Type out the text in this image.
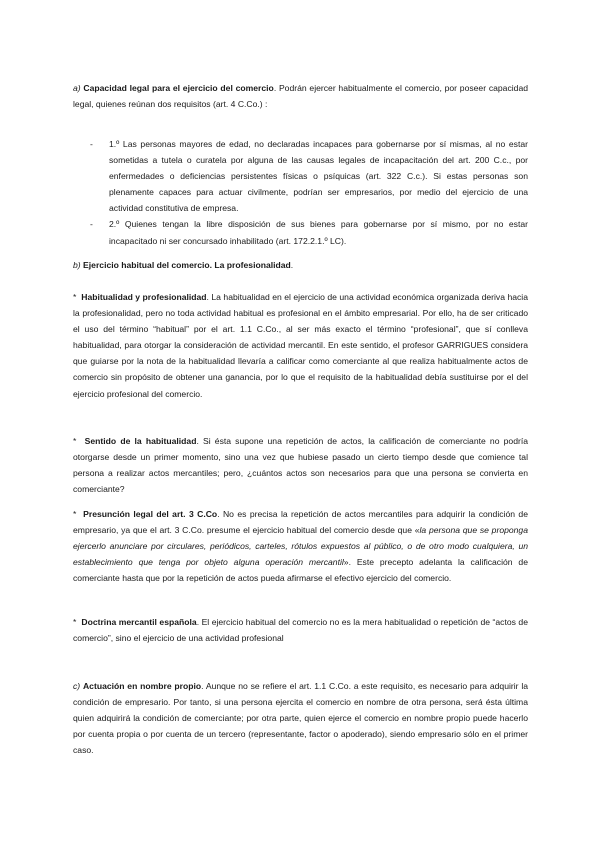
a) Capacidad legal para el ejercicio del comercio. Podrán ejercer habitualmente el comercio, por poseer capacidad legal, quienes reúnan dos requisitos (art. 4 C.Co.) :

- 1.º Las personas mayores de edad, no declaradas incapaces para gobernarse por sí mismas, al no estar sometidas a tutela o curatela por alguna de las causas legales de incapacitación del art. 200 C.c., por enfermedades o deficiencias persistentes físicas o psíquicas (art. 322 C.c.). Si estas personas son plenamente capaces para actuar civilmente, podrían ser empresarios, por medio del ejercicio de una actividad constitutiva de empresa.
- 2.º Quienes tengan la libre disposición de sus bienes para gobernarse por sí mismo, por no estar incapacitado ni ser concursado inhabilitado (art. 172.2.1.º LC).

b) Ejercicio habitual del comercio. La profesionalidad.

* Habitualidad y profesionalidad. La habitualidad en el ejercicio de una actividad económica organizada deriva hacia la profesionalidad, pero no toda actividad habitual es profesional en el ámbito empresarial. Por ello, ha de ser criticado el uso del término “habitual” por el art. 1.1 C.Co., al ser más exacto el término “profesional”, que sí conlleva habitualidad, para otorgar la consideración de actividad mercantil. En este sentido, el profesor GARRIGUES considera que guiarse por la nota de la habitualidad llevaría a calificar como comerciante al que realiza habitualmente actos de comercio sin propósito de obtener una ganancia, por lo que el requisito de la habitualidad debía sustituirse por el del ejercicio profesional del comercio.

* Sentido de la habitualidad. Si ésta supone una repetición de actos, la calificación de comerciante no podría otorgarse desde un primer momento, sino una vez que hubiese pasado un cierto tiempo desde que comience tal persona a realizar actos mercantiles; pero, ¿cuántos actos son necesarios para que una persona se convierta en comerciante?

* Presunción legal del art. 3 C.Co. No es precisa la repetición de actos mercantiles para adquirir la condición de empresario, ya que el art. 3 C.Co. presume el ejercicio habitual del comercio desde que «la persona que se proponga ejercerlo anunciare por circulares, periódicos, carteles, rótulos expuestos al público, o de otro modo cualquiera, un establecimiento que tenga por objeto alguna operación mercantil». Este precepto adelanta la calificación de comerciante hasta que por la repetición de actos pueda afirmarse el efectivo ejercicio del comercio.

* Doctrina mercantil española. El ejercicio habitual del comercio no es la mera habitualidad o repetición de “actos de comercio”, sino el ejercicio de una actividad profesional

c) Actuación en nombre propio. Aunque no se refiere el art. 1.1 C.Co. a este requisito, es necesario para adquirir la condición de empresario. Por tanto, si una persona ejercita el comercio en nombre de otra persona, será ésta última quien adquirirá la condición de comerciante; por otra parte, quien ejerce el comercio en nombre propio puede hacerlo por cuenta propia o por cuenta de un tercero (representante, factor o apoderado), siendo empresario sólo en el primer caso.
